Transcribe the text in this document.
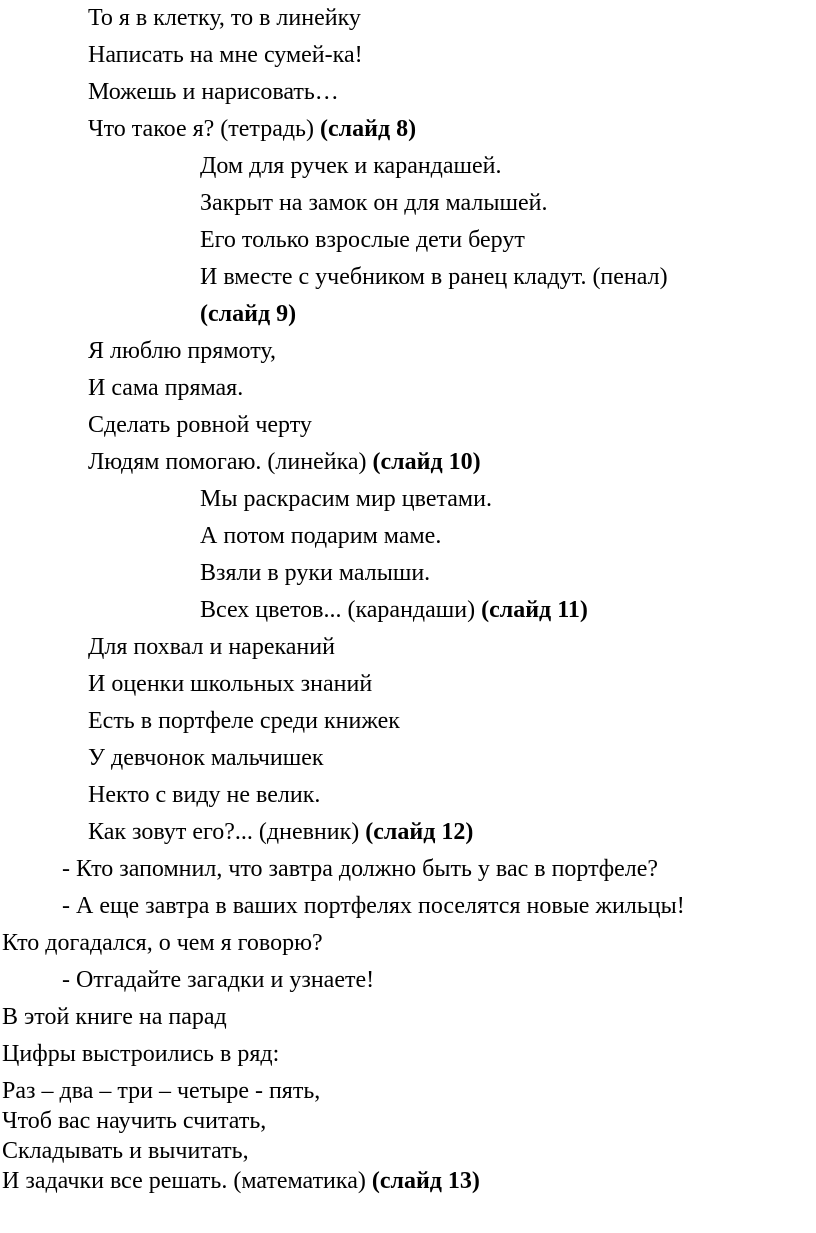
То я в клетку, то в линейку
Написать на мне сумей-ка!
Можешь и нарисовать…
Что такое я? (тетрадь) (слайд 8)
Дом для ручек и карандашей.
Закрыт на замок он для малышей.
Его только взрослые дети берут
И вместе с учебником в ранец кладут. (пенал)
(слайд 9)
Я люблю прямоту,
И сама прямая.
Сделать ровной черту
Людям помогаю. (линейка) (слайд 10)
Мы раскрасим мир цветами.
А потом подарим маме.
Взяли в руки малыши.
Всех цветов... (карандаши) (слайд 11)
Для похвал и нареканий
И оценки школьных знаний
Есть в портфеле среди книжек
У девчонок мальчишек
Некто с виду не велик.
Как зовут его?... (дневник) (слайд 12)
- Кто запомнил, что завтра должно быть у вас в портфеле?
- А еще завтра в ваших портфелях поселятся новые жильцы!
Кто догадался, о чем я говорю?
- Отгадайте загадки и узнаете!
В этой книге на парад
Цифры выстроились в ряд:
Раз – два – три – четыре - пять,
Чтоб вас научить считать,
Складывать и вычитать,
И задачки все решать. (математика) (слайд 13)
